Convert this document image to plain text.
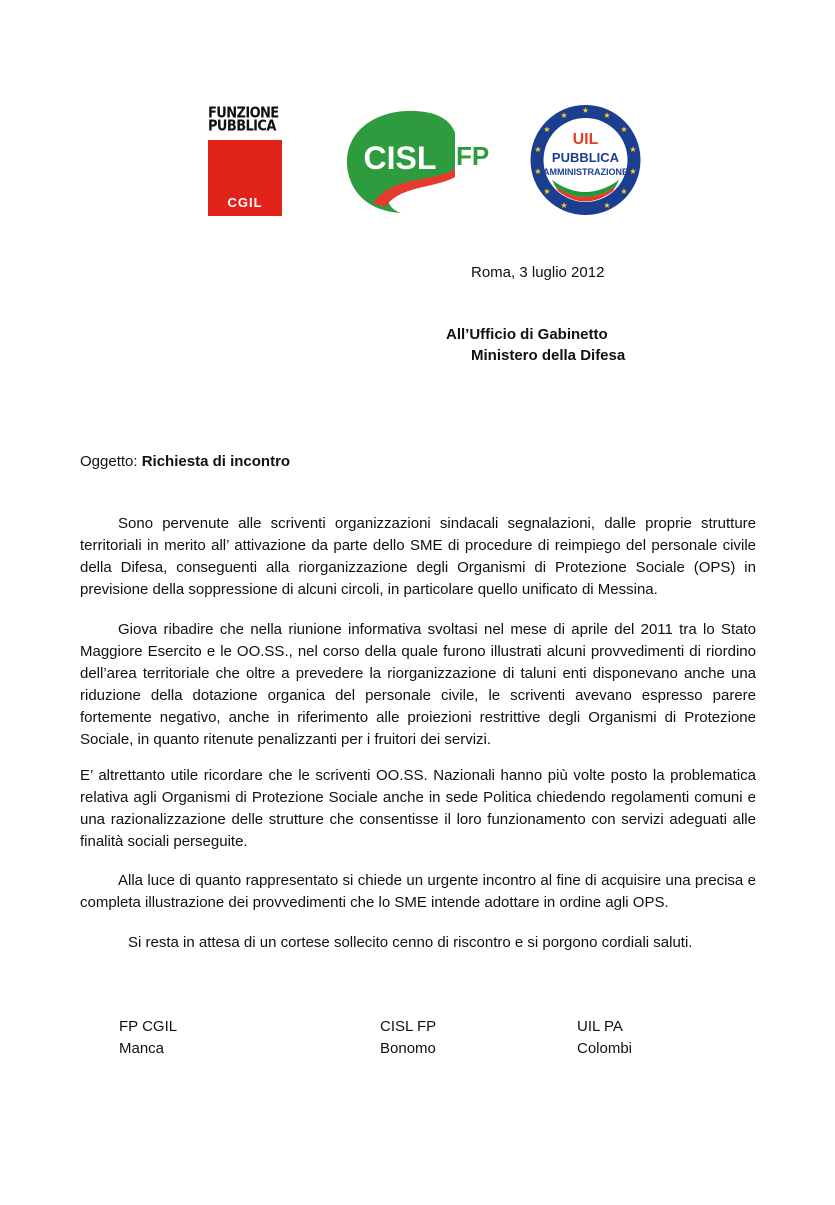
FUNZIONE
PUBBLICA
CGIL
CISL FP
★
★
★
★
★
★
★
★
★
★
★
★
★
UIL
PUBBLICA
AMMINISTRAZIONE
Roma, 3 luglio 2012
All’Ufficio di Gabinetto
Ministero della Difesa
Oggetto: Richiesta di incontro
Sono pervenute alle scriventi organizzazioni sindacali segnalazioni, dalle proprie strutture territoriali in merito all’ attivazione da parte dello SME di procedure di reimpiego del personale civile della Difesa, conseguenti alla riorganizzazione degli Organismi di Protezione Sociale (OPS) in previsione della soppressione di alcuni circoli, in particolare quello unificato di Messina.
Giova ribadire che nella riunione informativa svoltasi nel mese di aprile del 2011 tra lo Stato Maggiore Esercito e le OO.SS., nel corso della quale furono illustrati alcuni provvedimenti di riordino dell’area territoriale che oltre a prevedere la riorganizzazione di taluni enti disponevano anche una riduzione della dotazione organica del personale civile, le scriventi avevano espresso parere fortemente negativo, anche in riferimento alle proiezioni restrittive degli Organismi di Protezione Sociale, in quanto ritenute penalizzanti per i fruitori dei servizi.
E’ altrettanto utile ricordare che le scriventi OO.SS. Nazionali hanno più volte posto la problematica relativa agli Organismi di Protezione Sociale anche in sede Politica chiedendo regolamenti comuni e una razionalizzazione delle strutture che consentisse il loro funzionamento con servizi adeguati alle finalità sociali perseguite.
Alla luce di quanto rappresentato si chiede un urgente incontro al fine di acquisire una precisa e completa illustrazione dei provvedimenti che lo SME intende adottare in ordine agli OPS.
Si resta in attesa di un cortese sollecito cenno di riscontro e si porgono cordiali saluti.
FP CGIL
Manca
CISL FP
Bonomo
UIL PA
Colombi
